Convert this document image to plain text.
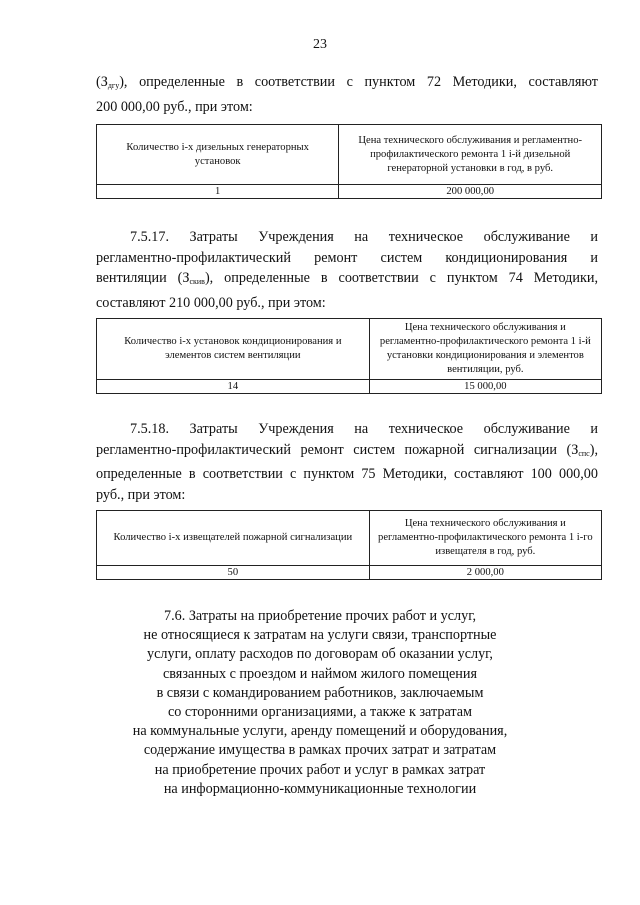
23
$(З_{дгу})$, определенные в соответствии с пунктом 72 Методики, составляют
200 000,00 руб., при этом:
Количество i-х дизельных генераторных установок	Цена технического обслуживания и регламентно-профилактического ремонта 1 i-й дизельной генераторной установки в год, в руб.
1	200 000,00
7.5.17. Затраты Учреждения на техническое обслуживание и
регламентно-профилактический ремонт систем кондиционирования и
вентиляции $(З_{скив})$, определенные в соответствии с пунктом 74 Методики,
составляют 210 000,00 руб., при этом:
Количество i-х установок кондиционирования и элементов систем вентиляции	Цена технического обслуживания и регламентно-профилактического ремонта 1 i-й установки кондиционирования и элементов вентиляции, руб.
14	15 000,00
7.5.18. Затраты Учреждения на техническое обслуживание и
регламентно-профилактический ремонт систем пожарной сигнализации $(З_{спс})$,
определенные в соответствии с пунктом 75 Методики, составляют 100 000,00
руб., при этом:
Количество i-х извещателей пожарной сигнализации	Цена технического обслуживания и регламентно-профилактического ремонта 1 i-го извещателя в год, руб.
50	2 000,00
7.6. Затраты на приобретение прочих работ и услуг,
не относящиеся к затратам на услуги связи, транспортные
услуги, оплату расходов по договорам об оказании услуг,
связанных с проездом и наймом жилого помещения
в связи с командированием работников, заключаемым
со сторонними организациями, а также к затратам
на коммунальные услуги, аренду помещений и оборудования,
содержание имущества в рамках прочих затрат и затратам
на приобретение прочих работ и услуг в рамках затрат
на информационно-коммуникационные технологии
